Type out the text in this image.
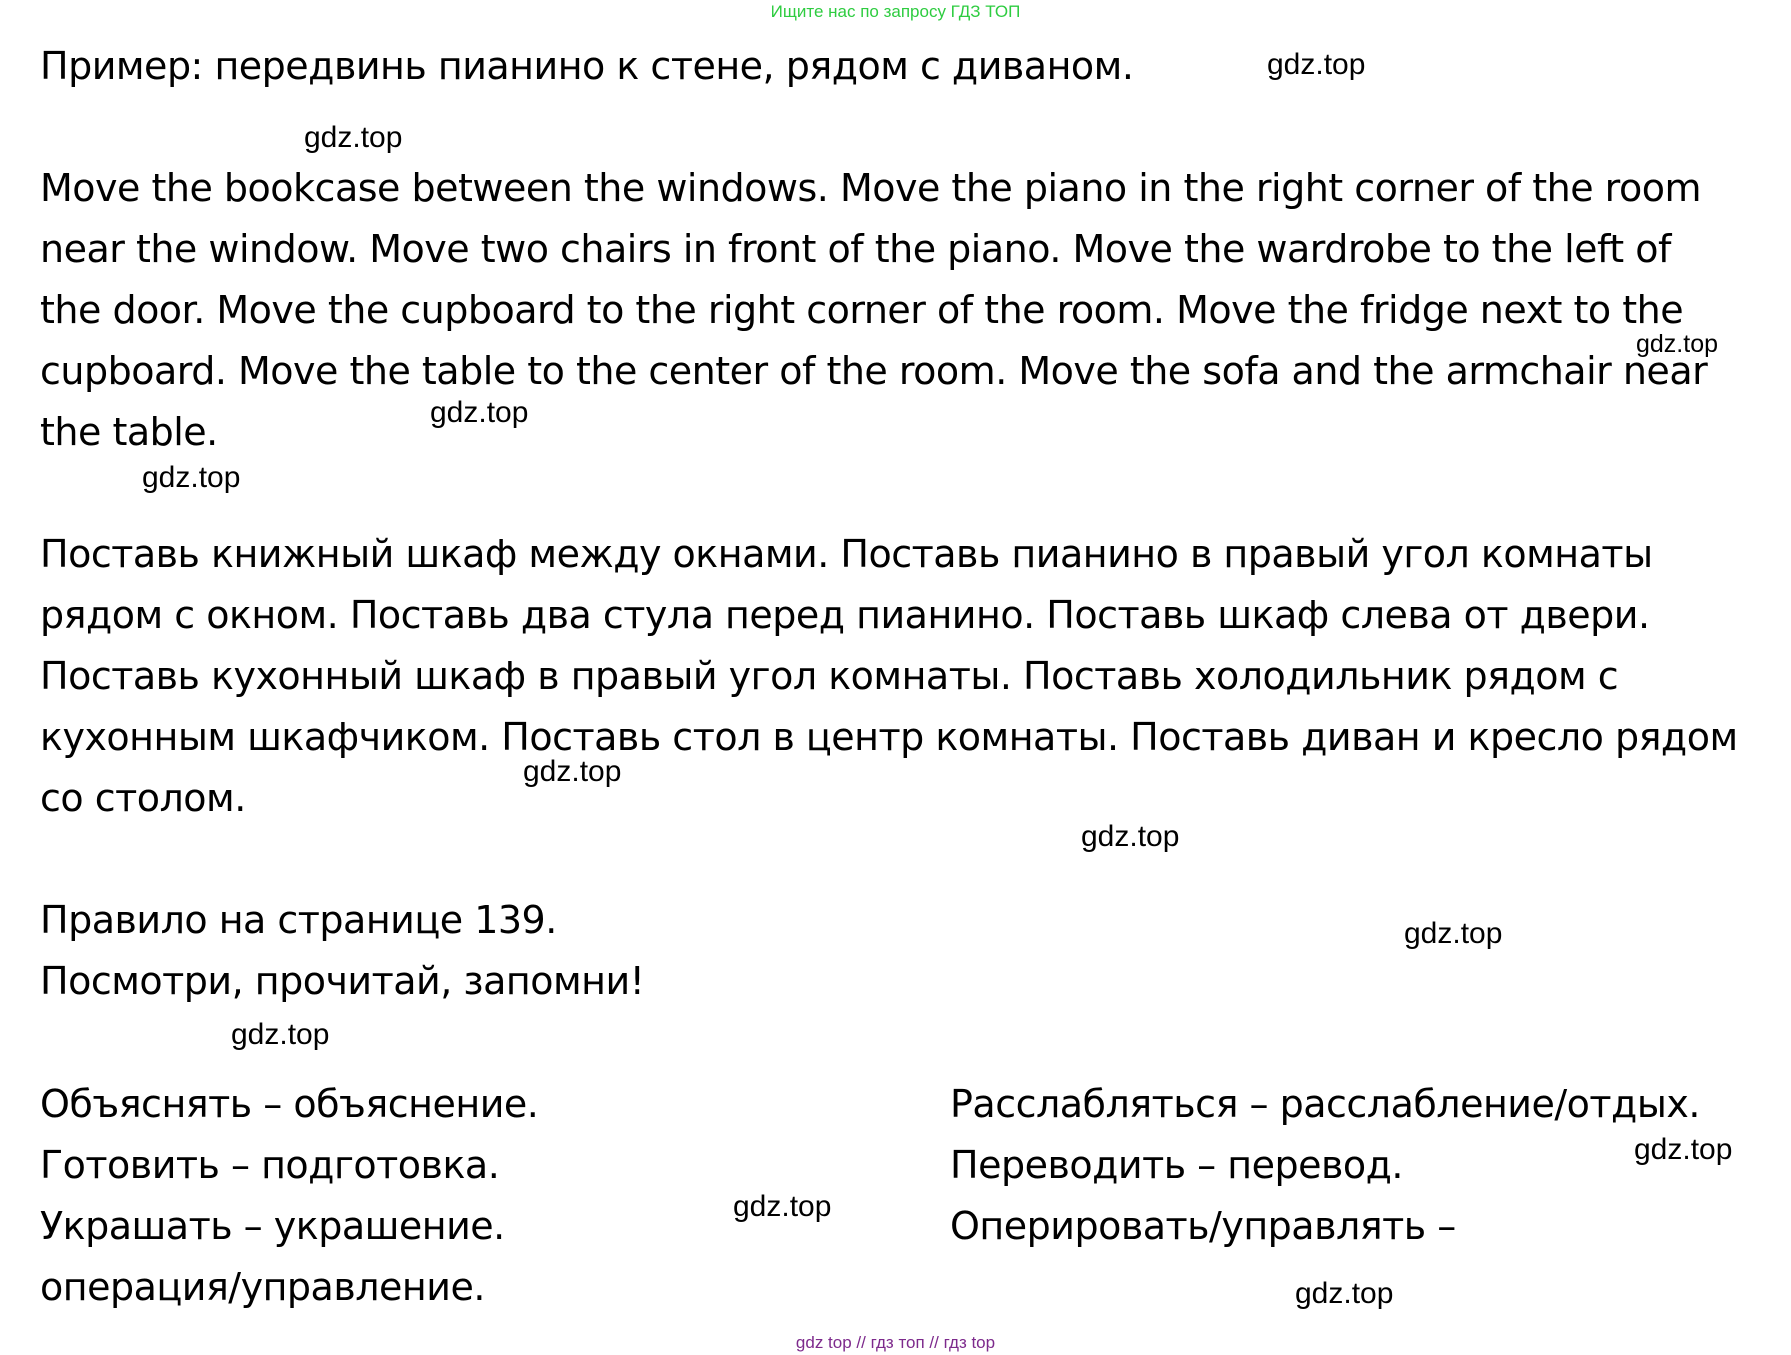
Ищите нас по запросу ГДЗ ТОП
Пример: передвинь пианино к стене, рядом с диваном.
Move the bookcase between the windows. Move the piano in the right corner of the room
near the window. Move two chairs in front of the piano. Move the wardrobe to the left of
the door. Move the cupboard to the right corner of the room. Move the fridge next to the
cupboard. Move the table to the center of the room. Move the sofa and the armchair near
the table.
Поставь книжный шкаф между окнами. Поставь пианино в правый угол комнаты
рядом с окном. Поставь два стула перед пианино. Поставь шкаф слева от двери.
Поставь кухонный шкаф в правый угол комнаты. Поставь холодильник рядом с
кухонным шкафчиком. Поставь стол в центр комнаты. Поставь диван и кресло рядом
со столом.
Правило на странице 139.
Посмотри, прочитай, запомни!
Объяснять – объяснение.
Готовить – подготовка.
Украшать – украшение.
операция/управление.
Расслабляться – расслабление/отдых.
Переводить – перевод.
Оперировать/управлять –
gdz.top
gdz.top
gdz.top
gdz.top
gdz.top
gdz.top
gdz.top
gdz.top
gdz.top
gdz.top
gdz.top
gdz.top
gdz top // гдз топ // гдз top
